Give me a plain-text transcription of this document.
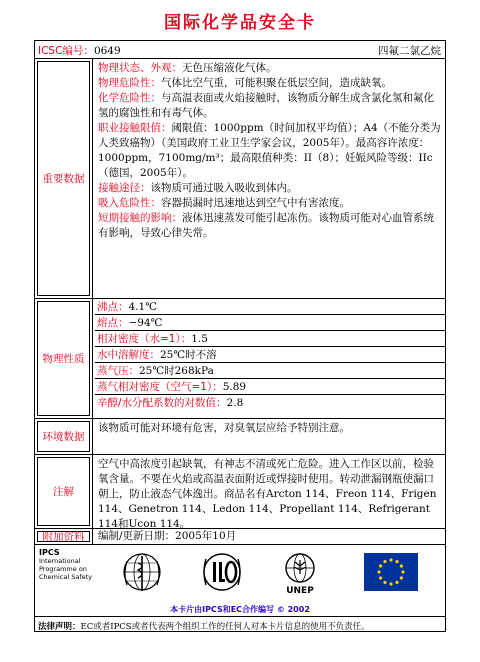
国际化学品安全卡
ICSC编号：0649	四氟二氯乙烷
重要数据
物理状态、外观：无色压缩液化气体。
物理危险性：气体比空气重，可能积聚在低层空间，造成缺氧。
化学危险性：与高温表面或火焰接触时，该物质分解生成含氯化氢和氟化氢的腐蚀性和有毒气体。
职业接触限值：阈限值：1000ppm（时间加权平均值）；A4（不能分类为人类致癌物）（美国政府工业卫生学家会议，2005年）。最高容许浓度：1000ppm，7100mg/m³；最高限值种类：II（8）；妊娠风险等级：IIc（德国，2005年）。
接触途径：该物质可通过吸入吸收到体内。
吸入危险性：容器损漏时迅速地达到空气中有害浓度。
短期接触的影响：液体迅速蒸发可能引起冻伤。该物质可能对心血管系统有影响，导致心律失常。
物理性质
沸点：4.1℃
熔点：−94℃
相对密度（水=1）：1.5
水中溶解度：25℃时不溶
蒸气压：25℃时268kPa
蒸气相对密度（空气=1）：5.89
辛醇/水分配系数的对数值：2.8
环境数据
该物质可能对环境有危害，对臭氧层应给予特别注意。
注解
空气中高浓度引起缺氧，有神志不清或死亡危险。进入工作区以前，检验氧含量。不要在火焰或高温表面附近或焊接时使用。转动泄漏钢瓶使漏口朝上，防止液态气体逸出。商品名有Arcton 114、Freon 114、Frigen 114、Genetron 114、Ledon 114、Propellant 114、Refrigerant 114和Ucon 114。
附加资料 编制/更新日期：2005年10月
IPCS
International
Programme on
Chemical Safety
UNEP
本卡片由IPCS和EC合作编写 © 2002
法律声明：EC或者IPCS或者代表两个组织工作的任何人对本卡片信息的使用不负责任。
